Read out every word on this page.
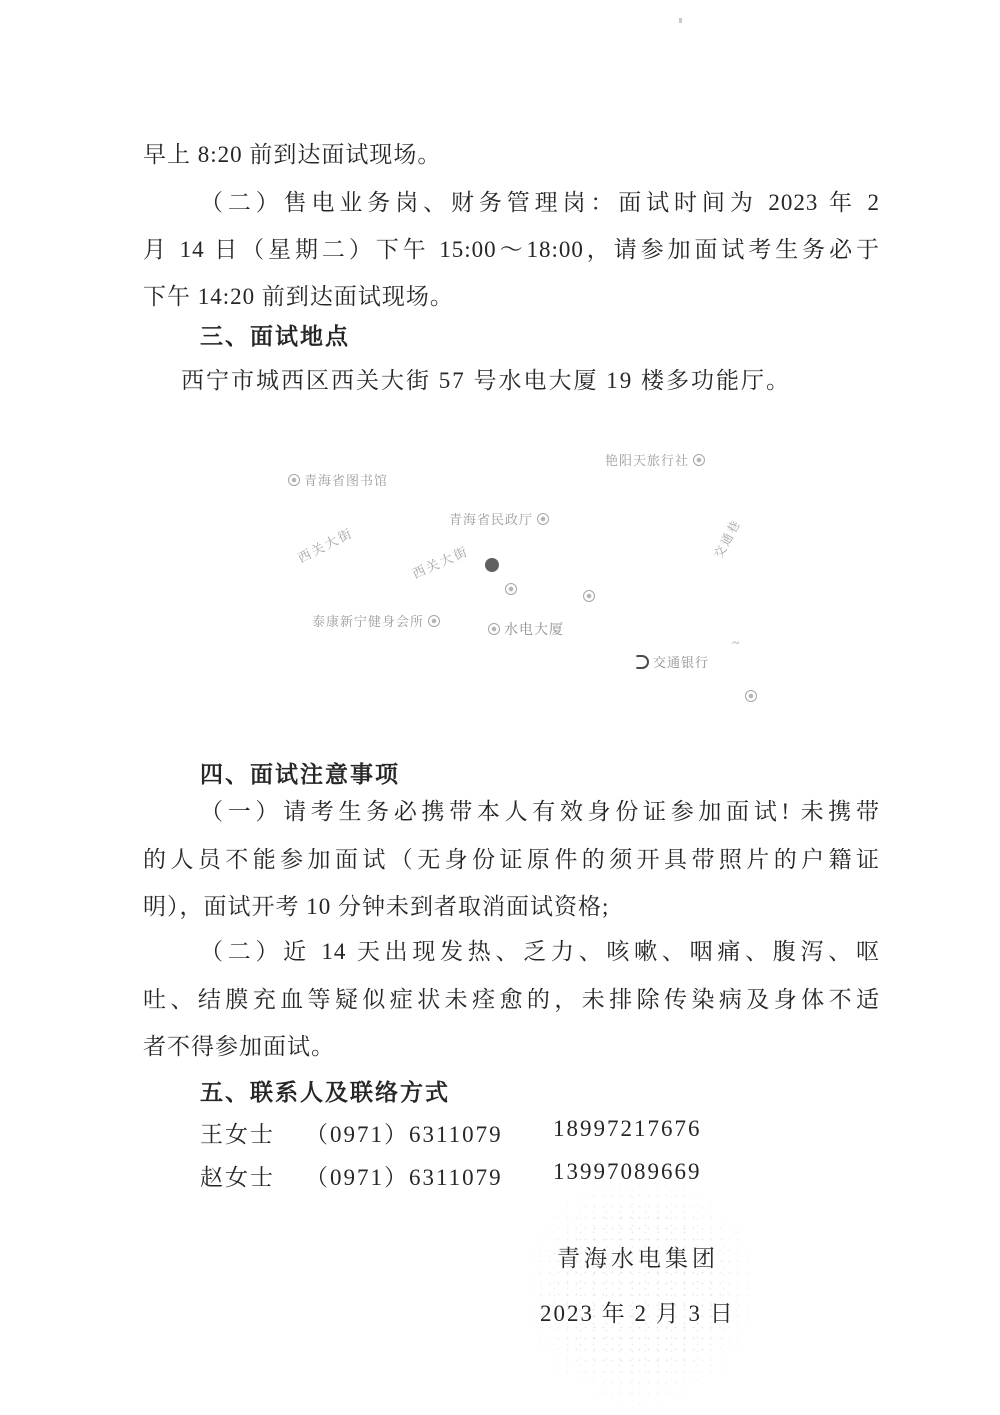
早上 8:20 前到达面试现场。
（二）售电业务岗、财务管理岗：面试时间为 2023 年 2
月 14 日（星期二）下午 15:00～18:00，请参加面试考生务必于
下午 14:20 前到达面试现场。
三、面试地点
西宁市城西区西关大街 57 号水电大厦 19 楼多功能厅。
艳阳天旅行社
青海省图书馆
青海省民政厅
西关大街	西关大街
交通巷
泰康新宁健身会所
水电大厦
~
交通银行
四、面试注意事项
（一）请考生务必携带本人有效身份证参加面试! 未携带
的人员不能参加面试（无身份证原件的须开具带照片的户籍证
明），面试开考 10 分钟未到者取消面试资格;
（二）近 14 天出现发热、乏力、咳嗽、咽痛、腹泻、呕
吐、结膜充血等疑似症状未痊愈的，未排除传染病及身体不适
者不得参加面试。
五、联系人及联络方式
王女士 （0971）6311079 18997217676
赵女士 （0971）6311079 13997089669
青海水电集团
2023 年 2 月 3 日
